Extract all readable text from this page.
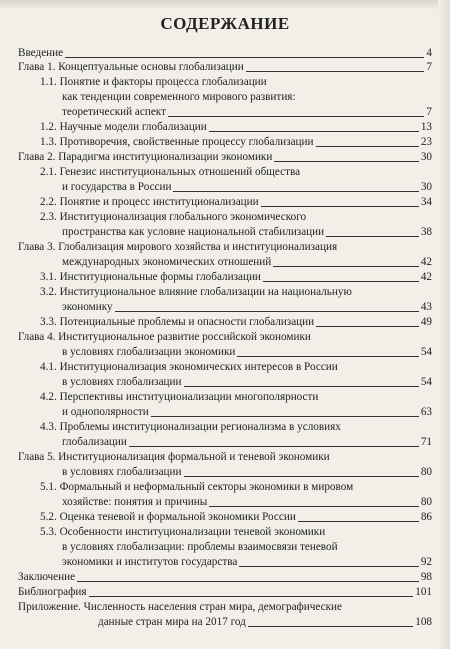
СОДЕРЖАНИЕ
Введение	4
Глава 1. Концептуальные основы глобализации	7
1.1. Понятие и факторы процесса глобализации
как тенденции современного мирового развития:
теоретический аспект	7
1.2. Научные модели глобализации	13
1.3. Противоречия, свойственные процессу глобализации	23
Глава 2. Парадигма институционализации экономики	30
2.1. Генезис институциональных отношений общества
и государства в России	30
2.2. Понятие и процесс институционализации	34
2.3. Институционализация глобального экономического
пространства как условие национальной стабилизации	38
Глава 3. Глобализация мирового хозяйства и институционализация
международных экономических отношений	42
3.1. Институциональные формы глобализации	42
3.2. Институциональное влияние глобализации на национальную
экономику	43
3.3. Потенциальные проблемы и опасности глобализации	49
Глава 4. Институциональное развитие российской экономики
в условиях глобализации экономики	54
4.1. Институционализация экономических интересов в России
в условиях глобализации	54
4.2. Перспективы институционализации многополярности
и однополярности	63
4.3. Проблемы институционализации регионализма в условиях
глобализации	71
Глава 5. Институционализация формальной и теневой экономики
в условиях глобализации	80
5.1. Формальный и неформальный секторы экономики в мировом
хозяйстве: понятия и причины	80
5.2. Оценка теневой и формальной экономики России	86
5.3. Особенности институционализации теневой экономики
в условиях глобализации: проблемы взаимосвязи теневой
экономики и институтов государства	92
Заключение	98
Библиография	101
Приложение. Численность населения стран мира, демографические
данные стран мира на 2017 год	108
